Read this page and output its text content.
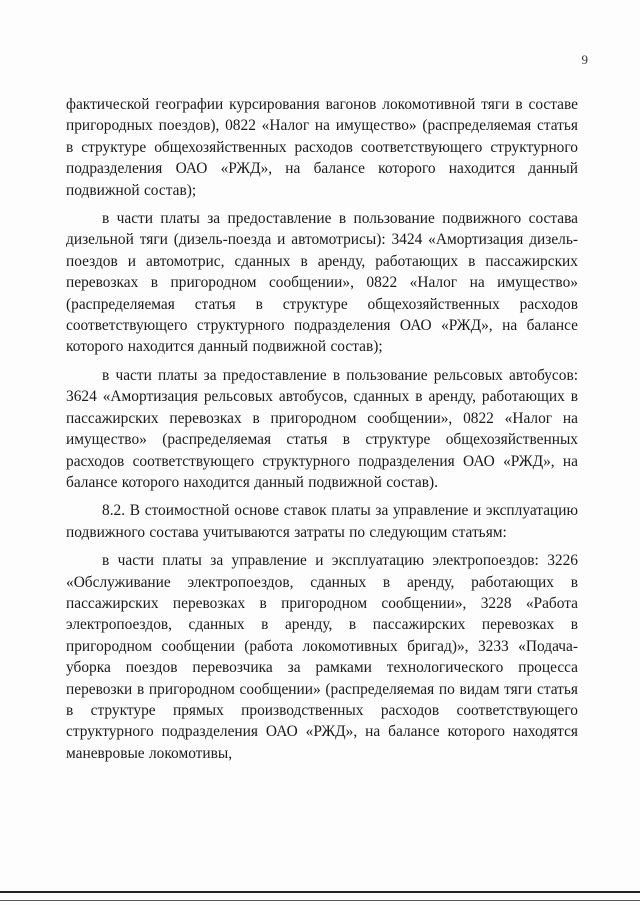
9

фактической географии курсирования вагонов локомотивной тяги в составе пригородных поездов), 0822 «Налог на имущество» (распределяемая статья в структуре общехозяйственных расходов соответствующего структурного подразделения ОАО «РЖД», на балансе которого находится данный подвижной состав);

в части платы за предоставление в пользование подвижного состава дизельной тяги (дизель-поезда и автомотрисы): 3424 «Амортизация дизель-поездов и автомотрис, сданных в аренду, работающих в пассажирских перевозках в пригородном сообщении», 0822 «Налог на имущество» (распределяемая статья в структуре общехозяйственных расходов соответствующего структурного подразделения ОАО «РЖД», на балансе которого находится данный подвижной состав);

в части платы за предоставление в пользование рельсовых автобусов: 3624 «Амортизация рельсовых автобусов, сданных в аренду, работающих в пассажирских перевозках в пригородном сообщении», 0822 «Налог на имущество» (распределяемая статья в структуре общехозяйственных расходов соответствующего структурного подразделения ОАО «РЖД», на балансе которого находится данный подвижной состав).

8.2. В стоимостной основе ставок платы за управление и эксплуатацию подвижного состава учитываются затраты по следующим статьям:

в части платы за управление и эксплуатацию электропоездов: 3226 «Обслуживание электропоездов, сданных в аренду, работающих в пассажирских перевозках в пригородном сообщении», 3228 «Работа электропоездов, сданных в аренду, в пассажирских перевозках в пригородном сообщении (работа локомотивных бригад)», 3233 «Подача-уборка поездов перевозчика за рамками технологического процесса перевозки в пригородном сообщении» (распределяемая по видам тяги статья в структуре прямых производственных расходов соответствующего структурного подразделения ОАО «РЖД», на балансе которого находятся маневровые локомотивы,
